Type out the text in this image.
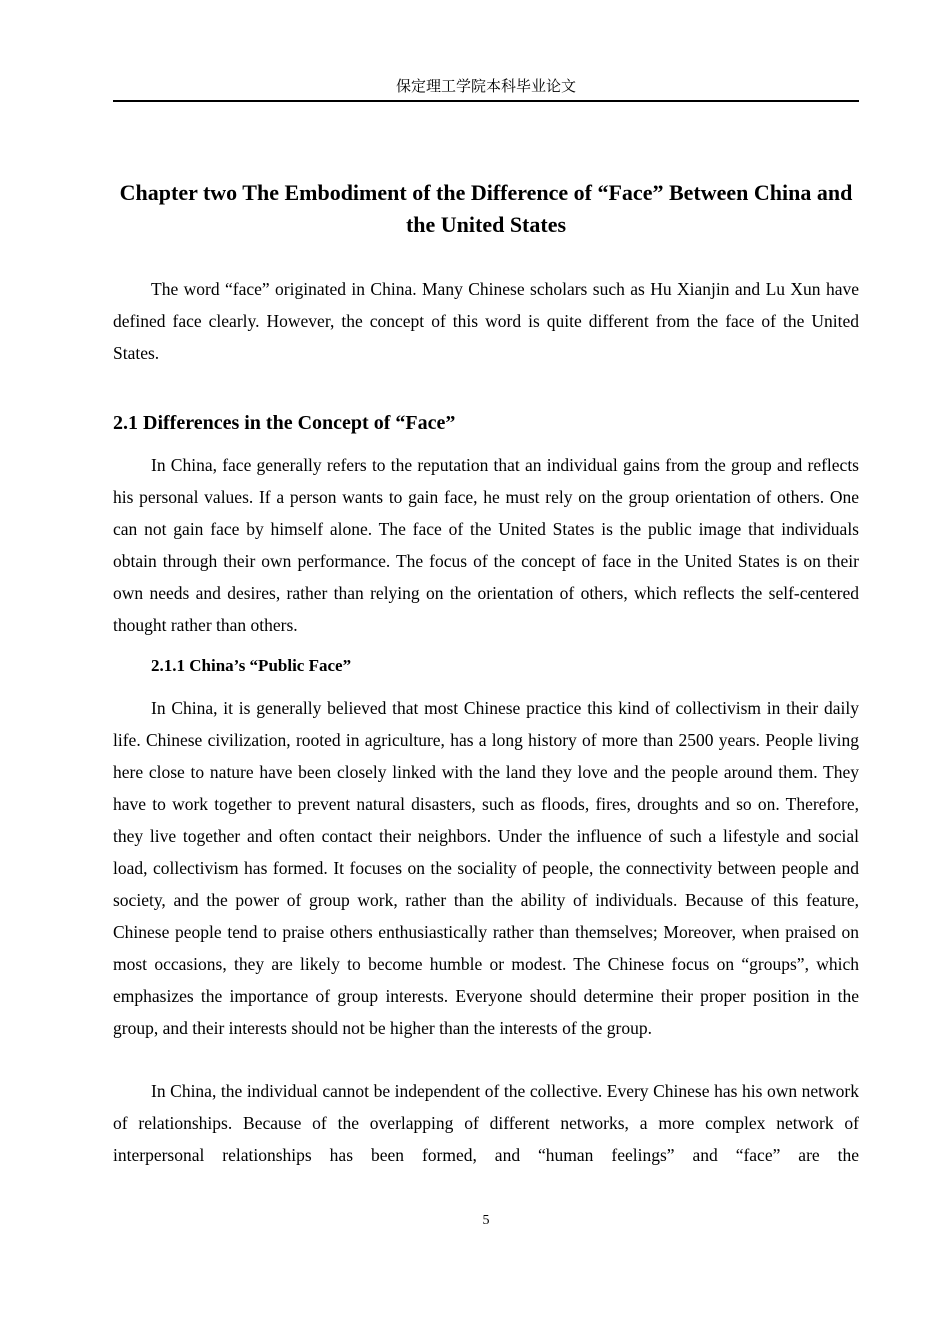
保定理工学院本科毕业论文
Chapter two The Embodiment of the Difference of “Face” Between China and the United States

The word “face” originated in China. Many Chinese scholars such as Hu Xianjin and Lu Xun have defined face clearly. However, the concept of this word is quite different from the face of the United States.

2.1 Differences in the Concept of “Face”

In China, face generally refers to the reputation that an individual gains from the group and reflects his personal values. If a person wants to gain face, he must rely on the group orientation of others. One can not gain face by himself alone. The face of the United States is the public image that individuals obtain through their own performance. The focus of the concept of face in the United States is on their own needs and desires, rather than relying on the orientation of others, which reflects the self-centered thought rather than others.

2.1.1 China’s “Public Face”

In China, it is generally believed that most Chinese practice this kind of collectivism in their daily life. Chinese civilization, rooted in agriculture, has a long history of more than 2500 years. People living here close to nature have been closely linked with the land they love and the people around them. They have to work together to prevent natural disasters, such as floods, fires, droughts and so on. Therefore, they live together and often contact their neighbors. Under the influence of such a lifestyle and social load, collectivism has formed. It focuses on the sociality of people, the connectivity between people and society, and the power of group work, rather than the ability of individuals. Because of this feature, Chinese people tend to praise others enthusiastically rather than themselves; Moreover, when praised on most occasions, they are likely to become humble or modest. The Chinese focus on “groups”, which emphasizes the importance of group interests. Everyone should determine their proper position in the group, and their interests should not be higher than the interests of the group.

In China, the individual cannot be independent of the collective. Every Chinese has his own network of relationships. Because of the overlapping of different networks, a more complex network of interpersonal relationships has been formed, and “human feelings” and “face” are the

5
